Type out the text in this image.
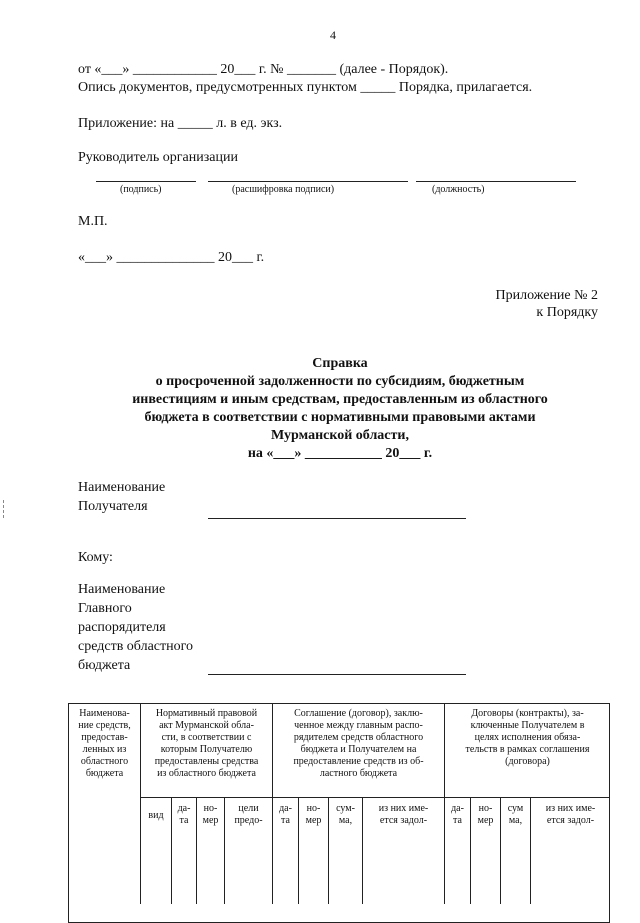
4
от «___» ____________ 20___ г. № _______ (далее - Порядок).
Опись документов, предусмотренных пунктом _____ Порядка, прилагается.
Приложение: на _____ л. в ед. экз.
Руководитель организации
(подпись)	(расшифровка подписи)	(должность)
М.П.
«___» ______________ 20___ г.
Приложение № 2
к Порядку
Справка
о просроченной задолженности по субсидиям, бюджетным
инвестициям и иным средствам, предоставленным из областного
бюджета в соответствии с нормативными правовыми актами
Мурманской области,
на «___» ___________ 20___ г.
Наименование
Получателя
Кому:
Наименование
Главного
распорядителя
средств областного
бюджета
Наименова-
ние средств,
предостав-
ленных из
областного
бюджета
Нормативный правовой
акт Мурманской обла-
сти, в соответствии с
которым Получателю
предоставлены средства
из областного бюджета
Соглашение (договор), заклю-
ченное между главным распо-
рядителем средств областного
бюджета и Получателем на
предоставление средств из об-
ластного бюджета
Договоры (контракты), за-
ключенные Получателем в
целях исполнения обяза-
тельств в рамках соглашения
(договора)
вид
да-
та
но-
мер
цели
предо-
да-
та
но-
мер
сум-
ма,
из них име-
ется задол-
да-
та
но-
мер
сум
ма,
из них име-
ется задол-
